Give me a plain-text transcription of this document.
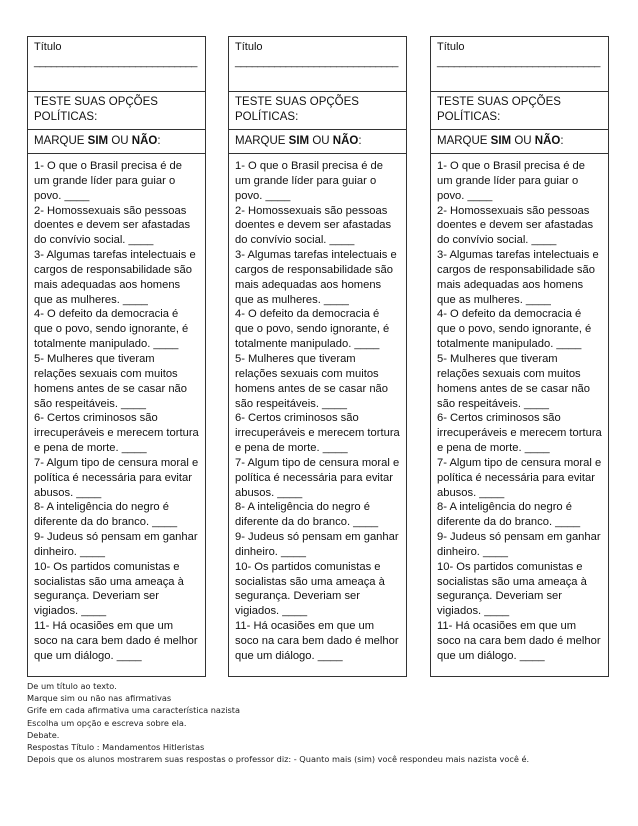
Título
_____________________________
TESTE SUAS OPÇÕES POLÍTICAS:
MARQUE SIM OU NÃO:
1- O que o Brasil precisa é de um grande líder para guiar o povo. ____
2- Homossexuais são pessoas doentes e devem ser afastadas do convívio social. ____
3- Algumas tarefas intelectuais e cargos de responsabilidade são mais adequadas aos homens que as mulheres. ____
4- O defeito da democracia é que o povo, sendo ignorante, é totalmente manipulado. ____
5- Mulheres que tiveram relações sexuais com muitos homens antes de se casar não são respeitáveis. ____
6- Certos criminosos são irrecuperáveis e merecem tortura e pena de morte. ____
7- Algum tipo de censura moral e política é necessária para evitar abusos. ____
8- A inteligência do negro é diferente da do branco. ____
9- Judeus só pensam em ganhar dinheiro. ____
10- Os partidos comunistas e socialistas são uma ameaça à segurança. Deveriam ser vigiados. ____
11- Há ocasiões em que um soco na cara bem dado é melhor que um diálogo. ____
Título
_____________________________
TESTE SUAS OPÇÕES POLÍTICAS:
MARQUE SIM OU NÃO:
1- O que o Brasil precisa é de um grande líder para guiar o povo. ____
2- Homossexuais são pessoas doentes e devem ser afastadas do convívio social. ____
3- Algumas tarefas intelectuais e cargos de responsabilidade são mais adequadas aos homens que as mulheres. ____
4- O defeito da democracia é que o povo, sendo ignorante, é totalmente manipulado. ____
5- Mulheres que tiveram relações sexuais com muitos homens antes de se casar não são respeitáveis. ____
6- Certos criminosos são irrecuperáveis e merecem tortura e pena de morte. ____
7- Algum tipo de censura moral e política é necessária para evitar abusos. ____
8- A inteligência do negro é diferente da do branco. ____
9- Judeus só pensam em ganhar dinheiro. ____
10- Os partidos comunistas e socialistas são uma ameaça à segurança. Deveriam ser vigiados. ____
11- Há ocasiões em que um soco na cara bem dado é melhor que um diálogo. ____
Título
_____________________________
TESTE SUAS OPÇÕES POLÍTICAS:
MARQUE SIM OU NÃO:
1- O que o Brasil precisa é de um grande líder para guiar o povo. ____
2- Homossexuais são pessoas doentes e devem ser afastadas do convívio social. ____
3- Algumas tarefas intelectuais e cargos de responsabilidade são mais adequadas aos homens que as mulheres. ____
4- O defeito da democracia é que o povo, sendo ignorante, é totalmente manipulado. ____
5- Mulheres que tiveram relações sexuais com muitos homens antes de se casar não são respeitáveis. ____
6- Certos criminosos são irrecuperáveis e merecem tortura e pena de morte. ____
7- Algum tipo de censura moral e política é necessária para evitar abusos. ____
8- A inteligência do negro é diferente da do branco. ____
9- Judeus só pensam em ganhar dinheiro. ____
10- Os partidos comunistas e socialistas são uma ameaça à segurança. Deveriam ser vigiados. ____
11- Há ocasiões em que um soco na cara bem dado é melhor que um diálogo. ____
De um título ao texto.
Marque sim ou não nas afirmativas
Grife em cada afirmativa uma característica nazista
Escolha um opção e escreva sobre ela.
Debate.
Respostas Título : Mandamentos Hitleristas
Depois que os alunos mostrarem suas respostas o professor diz: - Quanto mais (sim) você respondeu mais nazista você é.
